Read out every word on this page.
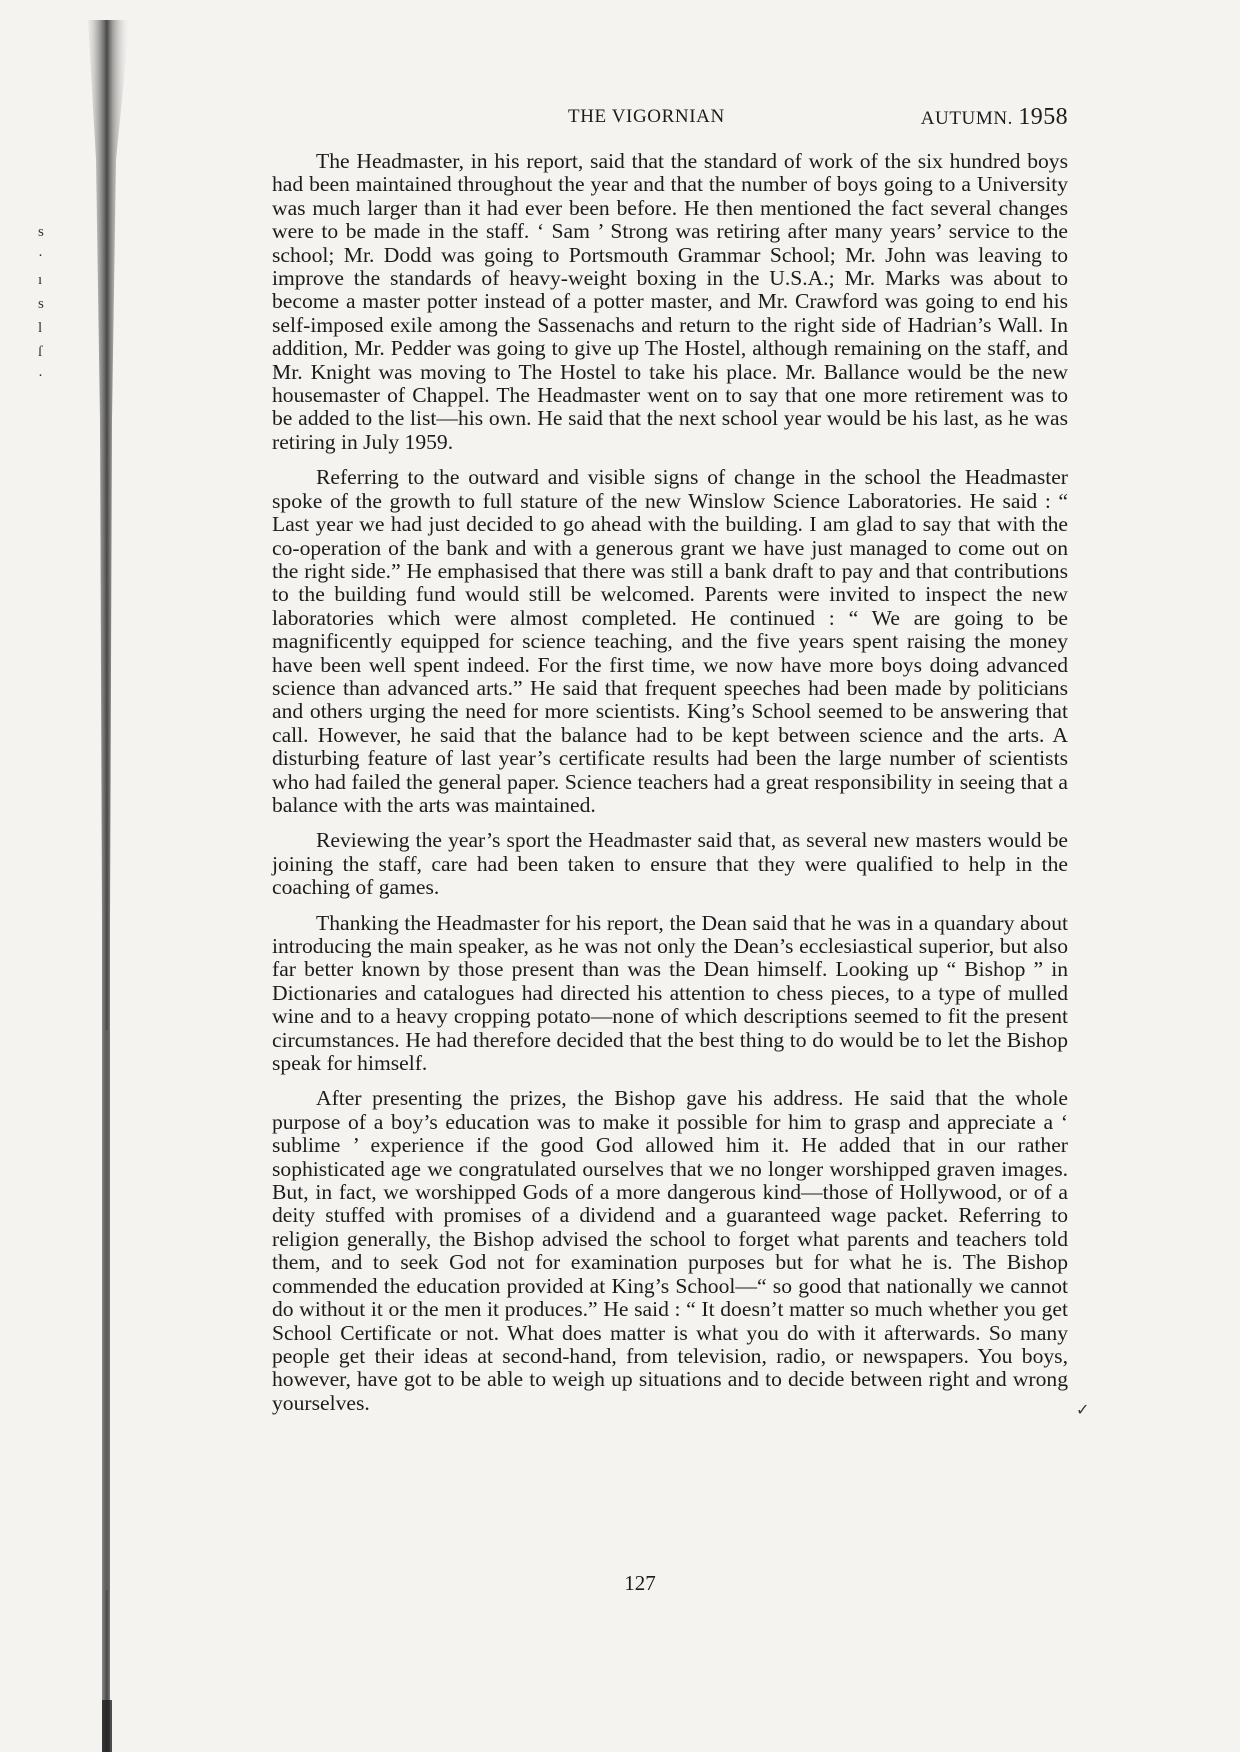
s
·
ı
s
l
ſ
·
THE VIGORNIAN	AUTUMN. 1958

The Headmaster, in his report, said that the standard of work of the six hundred boys had been maintained throughout the year and that the number of boys going to a University was much larger than it had ever been before. He then mentioned the fact several changes were to be made in the staff. ‘ Sam ’ Strong was retiring after many years’ service to the school; Mr. Dodd was going to Portsmouth Grammar School; Mr. John was leaving to improve the standards of heavy-weight boxing in the U.S.A.; Mr. Marks was about to become a master potter instead of a potter master, and Mr. Crawford was going to end his self-imposed exile among the Sassenachs and return to the right side of Hadrian’s Wall. In addition, Mr. Pedder was going to give up The Hostel, although remaining on the staff, and Mr. Knight was moving to The Hostel to take his place. Mr. Ballance would be the new housemaster of Chappel. The Headmaster went on to say that one more retirement was to be added to the list—his own. He said that the next school year would be his last, as he was retiring in July 1959.

Referring to the outward and visible signs of change in the school the Headmaster spoke of the growth to full stature of the new Winslow Science Laboratories. He said : “ Last year we had just decided to go ahead with the building. I am glad to say that with the co-operation of the bank and with a generous grant we have just managed to come out on the right side.” He emphasised that there was still a bank draft to pay and that contributions to the building fund would still be welcomed. Parents were invited to inspect the new laboratories which were almost completed. He continued : “ We are going to be magnificently equipped for science teaching, and the five years spent raising the money have been well spent indeed. For the first time, we now have more boys doing advanced science than advanced arts.” He said that frequent speeches had been made by politicians and others urging the need for more scientists. King’s School seemed to be answering that call. However, he said that the balance had to be kept between science and the arts. A disturbing feature of last year’s certificate results had been the large number of scientists who had failed the general paper. Science teachers had a great responsibility in seeing that a balance with the arts was maintained.

Reviewing the year’s sport the Headmaster said that, as several new masters would be joining the staff, care had been taken to ensure that they were qualified to help in the coaching of games.

Thanking the Headmaster for his report, the Dean said that he was in a quandary about introducing the main speaker, as he was not only the Dean’s ecclesiastical superior, but also far better known by those present than was the Dean himself. Looking up “ Bishop ” in Dictionaries and catalogues had directed his attention to chess pieces, to a type of mulled wine and to a heavy cropping potato—none of which descriptions seemed to fit the present circumstances. He had therefore decided that the best thing to do would be to let the Bishop speak for himself.

After presenting the prizes, the Bishop gave his address. He said that the whole purpose of a boy’s education was to make it possible for him to grasp and appreciate a ‘ sublime ’ experience if the good God allowed him it. He added that in our rather sophisticated age we congratulated ourselves that we no longer worshipped graven images. But, in fact, we worshipped Gods of a more dangerous kind—those of Hollywood, or of a deity stuffed with promises of a dividend and a guaranteed wage packet. Referring to religion generally, the Bishop advised the school to forget what parents and teachers told them, and to seek God not for examination purposes but for what he is. The Bishop commended the education provided at King’s School—“ so good that nationally we cannot do without it or the men it produces.” He said : “ It doesn’t matter so much whether you get School Certificate or not. What does matter is what you do with it afterwards. So many people get their ideas at second-hand, from television, radio, or newspapers. You boys, however, have got to be able to weigh up situations and to decide between right and wrong yourselves.	✓
127
